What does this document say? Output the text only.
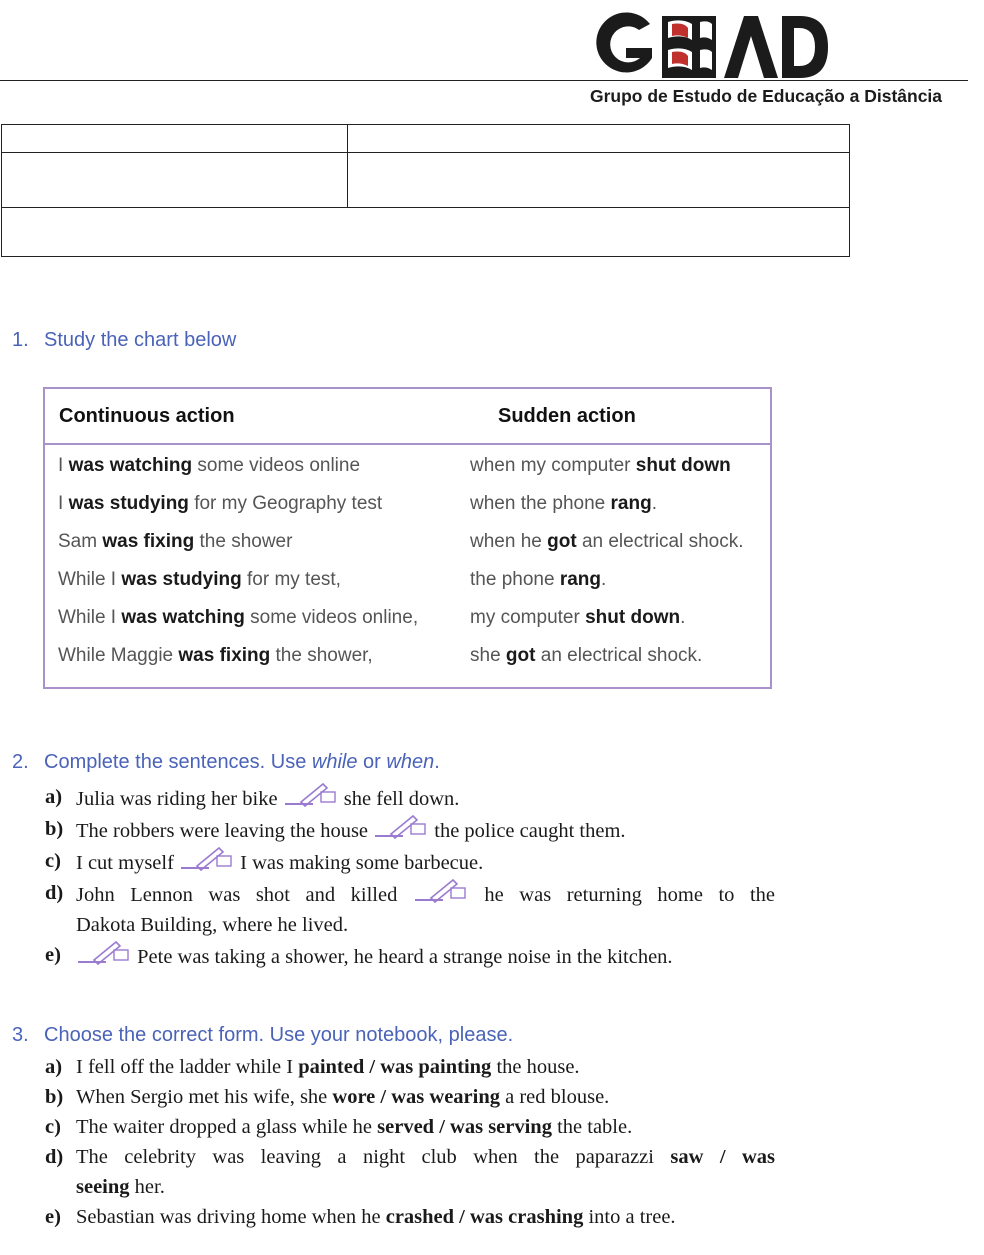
Grupo de Estudo de Educação a Distância
1. Study the chart below
Continuous action	Sudden action
I was watching some videos online	when my computer shut down
I was studying for my Geography test	when the phone rang.
Sam was fixing the shower	when he got an electrical shock.
While I was studying for my test,	the phone rang.
While I was watching some videos online,	my computer shut down.
While Maggie was fixing the shower,	she got an electrical shock.
2. Complete the sentences. Use while or when.
a) Julia was riding her bike	she fell down.
b) The robbers were leaving the house	the police caught them.
c) I cut myself	I was making some barbecue.
d) John Lennon was shot and killed	he was returning home to the
Dakota Building, where he lived.
e)	Pete was taking a shower, he heard a strange noise in the kitchen.
3. Choose the correct form. Use your notebook, please.
a) I fell off the ladder while I painted / was painting the house.
b) When Sergio met his wife, she wore / was wearing a red blouse.
c) The waiter dropped a glass while he served / was serving the table.
d) The celebrity was leaving a night club when the paparazzi saw / was
seeing her.
e) Sebastian was driving home when he crashed / was crashing into a tree.
